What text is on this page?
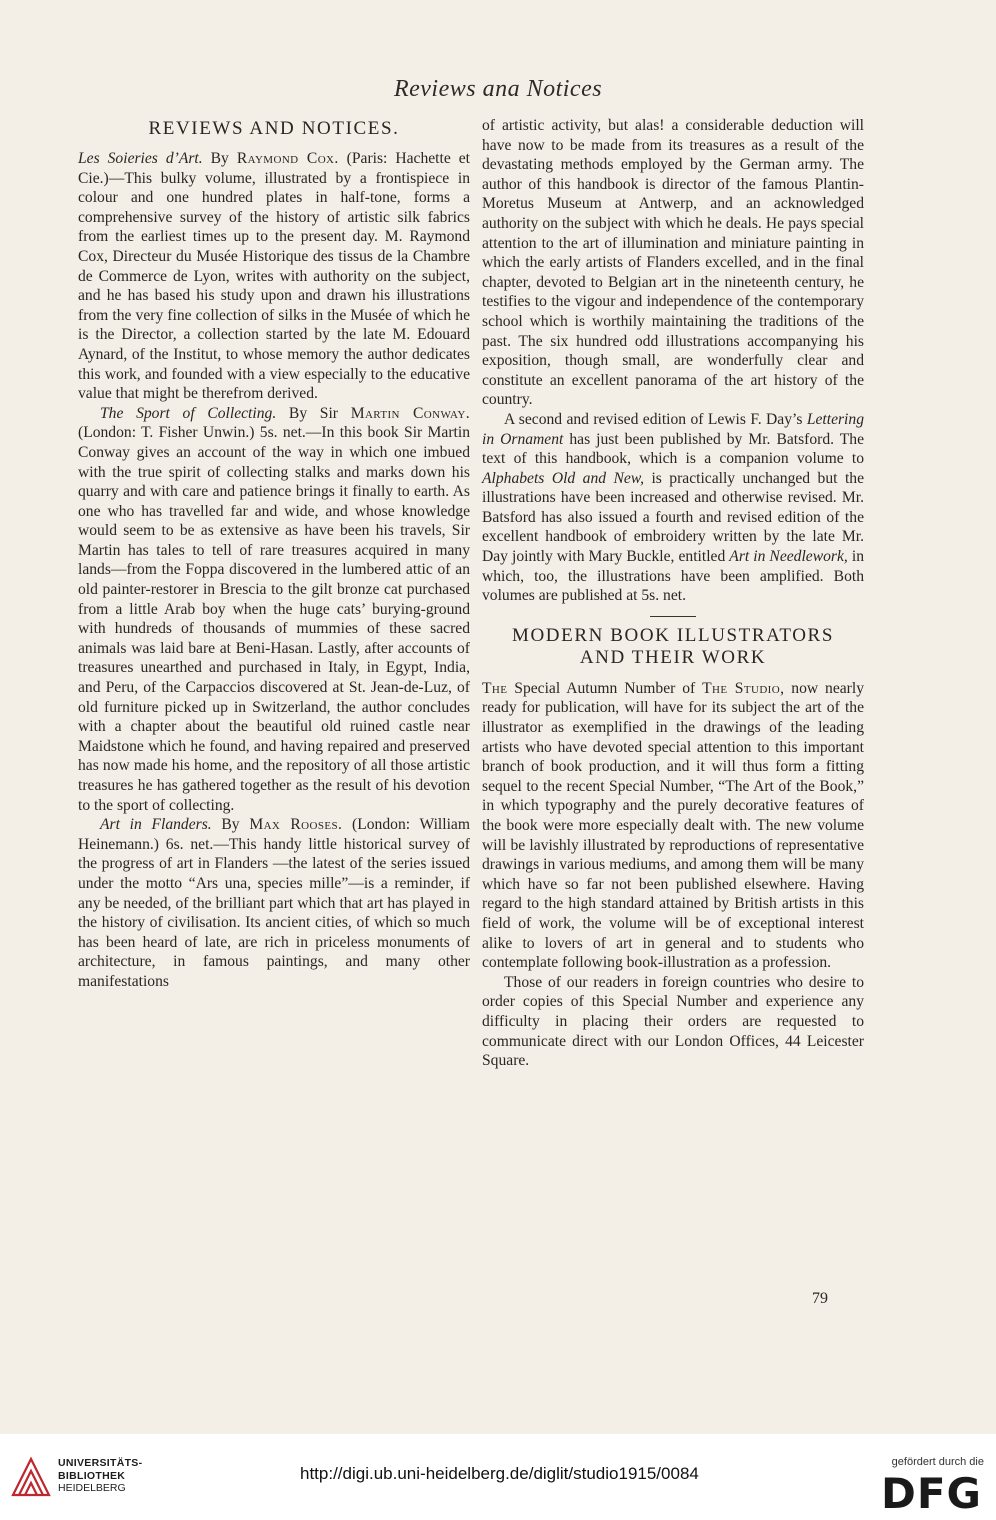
Reviews ana Notices
REVIEWS AND NOTICES.

Les Soieries d’Art. By Raymond Cox. (Paris: Hachette et Cie.)—This bulky volume, illustrated by a frontispiece in colour and one hundred plates in half-tone, forms a comprehensive survey of the history of artistic silk fabrics from the earliest times up to the present day. M. Raymond Cox, Directeur du Musée Historique des tissus de la Chambre de Commerce de Lyon, writes with authority on the subject, and he has based his study upon and drawn his illustrations from the very fine collection of silks in the Musée of which he is the Director, a collection started by the late M. Edouard Aynard, of the Institut, to whose memory the author dedicates this work, and founded with a view especially to the educative value that might be therefrom derived.

The Sport of Collecting. By Sir Martin Conway. (London: T. Fisher Unwin.) 5s. net.—In this book Sir Martin Conway gives an account of the way in which one imbued with the true spirit of collecting stalks and marks down his quarry and with care and patience brings it finally to earth. As one who has travelled far and wide, and whose knowledge would seem to be as extensive as have been his travels, Sir Martin has tales to tell of rare treasures acquired in many lands—from the Foppa discovered in the lumbered attic of an old painter-restorer in Brescia to the gilt bronze cat purchased from a little Arab boy when the huge cats’ burying-ground with hundreds of thousands of mummies of these sacred animals was laid bare at Beni-Hasan. Lastly, after accounts of treasures unearthed and purchased in Italy, in Egypt, India, and Peru, of the Carpaccios discovered at St. Jean-de-Luz, of old furniture picked up in Switzerland, the author concludes with a chapter about the beautiful old ruined castle near Maidstone which he found, and having repaired and preserved has now made his home, and the repository of all those artistic treasures he has gathered together as the result of his devotion to the sport of collecting.

Art in Flanders. By Max Rooses. (London: William Heinemann.) 6s. net.—This handy little historical survey of the progress of art in Flanders —the latest of the series issued under the motto “Ars una, species mille”—is a reminder, if any be needed, of the brilliant part which that art has played in the history of civilisation. Its ancient cities, of which so much has been heard of late, are rich in priceless monuments of architecture, in famous paintings, and many other manifestations

of artistic activity, but alas! a considerable deduction will have now to be made from its treasures as a result of the devastating methods employed by the German army. The author of this handbook is director of the famous Plantin-Moretus Museum at Antwerp, and an acknowledged authority on the subject with which he deals. He pays special attention to the art of illumination and miniature painting in which the early artists of Flanders excelled, and in the final chapter, devoted to Belgian art in the nineteenth century, he testifies to the vigour and independence of the contemporary school which is worthily maintaining the traditions of the past. The six hundred odd illustrations accompanying his exposition, though small, are wonderfully clear and constitute an excellent panorama of the art history of the country.

A second and revised edition of Lewis F. Day’s Lettering in Ornament has just been published by Mr. Batsford. The text of this handbook, which is a companion volume to Alphabets Old and New, is practically unchanged but the illustrations have been increased and otherwise revised. Mr. Batsford has also issued a fourth and revised edition of the excellent handbook of embroidery written by the late Mr. Day jointly with Mary Buckle, entitled Art in Needlework, in which, too, the illustrations have been amplified. Both volumes are published at 5s. net.

MODERN BOOK ILLUSTRATORS
AND THEIR WORK

The Special Autumn Number of The Studio, now nearly ready for publication, will have for its subject the art of the illustrator as exemplified in the drawings of the leading artists who have devoted special attention to this important branch of book production, and it will thus form a fitting sequel to the recent Special Number, “The Art of the Book,” in which typography and the purely decorative features of the book were more especially dealt with. The new volume will be lavishly illustrated by reproductions of representative drawings in various mediums, and among them will be many which have so far not been published elsewhere. Having regard to the high standard attained by British artists in this field of work, the volume will be of exceptional interest alike to lovers of art in general and to students who contemplate following book-illustration as a profession.

Those of our readers in foreign countries who desire to order copies of this Special Number and experience any difficulty in placing their orders are requested to communicate direct with our London Offices, 44 Leicester Square.

79
UNIVERSITÄTS-
BIBLIOTHEK
HEIDELBERG
http://digi.ub.uni-heidelberg.de/diglit/studio1915/0084
gefördert durch die
DFG
